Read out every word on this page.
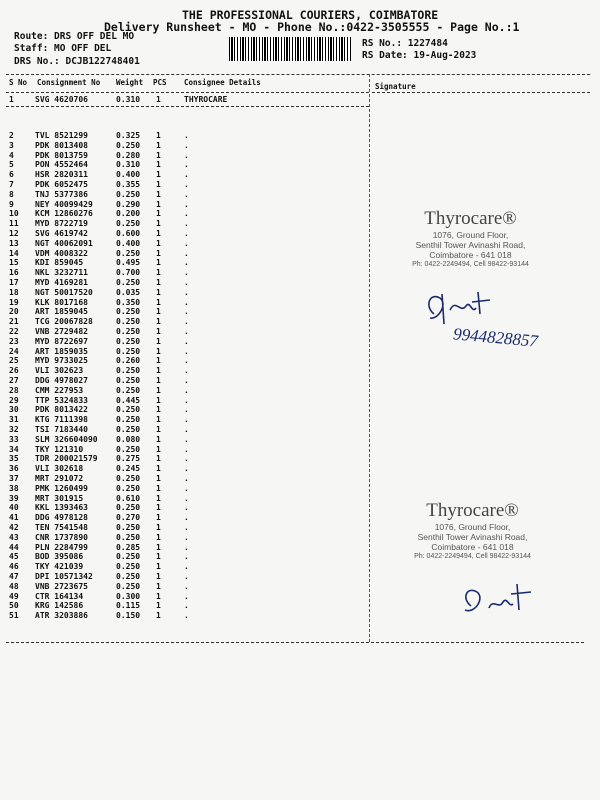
THE PROFESSIONAL COURIERS, COIMBATORE
Delivery Runsheet - MO - Phone No.:0422-3505555 - Page No.:1
Route: DRS OFF DEL MO
Staff: MO OFF DEL
DRS No.: DCJB122748401
RS No.: 1227484
RS Date: 19-Aug-2023
S No Consignment No Weight PCS Consignee Details	Signature
1	SVG 4620706	0.310 1	THYROCARE
2	TVL 8521299	0.325 1	.
3	PDK 8013408	0.250 1	.
4	PDK 8013759	0.280 1	.
5	PON 4552464	0.310 1	.
6	HSR 2820311	0.400 1	.
7	PDK 6052475	0.355 1	.
8	TNJ 5377386	0.250 1	.
9	NEY 40099429	0.290 1	.
10 KCM 12860276	0.200 1	.
11 MYD 8722719	0.250 1	.
12 SVG 4619742	0.600 1	.
13 NGT 40062091	0.400 1	.
14 VDM 4008322	0.250 1	.
15 KDI 859045	0.495 1	.
16 NKL 3232711	0.700 1	.
17 MYD 4169281	0.250 1	.
18 NGT 50017520	0.035 1	.
19 KLK 8017168	0.350 1	.
20 ART 1859045	0.250 1	.
21 TCG 20067828	0.250 1	.
22 VNB 2729482	0.250 1	.
23 MYD 8722697	0.250 1	.
24 ART 1859035	0.250 1	.
25 MYD 9733025	0.260 1	.
26 VLI 302623	0.250 1	.
27 DDG 4978027	0.250 1	.
28 CMM 227953	0.250 1	.
29 TTP 5324833	0.445 1	.
30 PDK 8013422	0.250 1	.
31 KTG 7111398	0.250 1	.
32 TSI 7183440	0.250 1	.
33 SLM 326604090 0.080 1	.
34 TKY 121310	0.250 1	.
35 TDR 200021579 0.275 1	.
36 VLI 302618	0.245 1	.
37 MRT 291072	0.250 1	.
38 PMK 1260499	0.250 1	.
39 MRT 301915	0.610 1	.
40 KKL 1393463	0.250 1	.
41 DDG 4978128	0.270 1	.
42 TEN 7541548	0.250 1	.
43 CNR 1737890	0.250 1	.
44 PLN 2284799	0.285 1	.
45 BOD 395086	0.250 1	.
46 TKY 421039	0.250 1	.
47 DPI 10571342	0.250 1	.
48 VNB 2723675	0.250 1	.
49 CTR 164134	0.300 1	.
50 KRG 142586	0.115 1	.
51 ATR 3203886	0.150 1	.
Thyrocare®
1076, Ground Floor,
Senthil Tower Avinashi Road,
Coimbatore - 641 018
Ph: 0422-2249494, Cell 98422-93144
9944828857
Thyrocare®
1076, Ground Floor,
Senthil Tower Avinashi Road,
Coimbatore - 641 018
Ph: 0422-2249494, Cell 98422-93144
